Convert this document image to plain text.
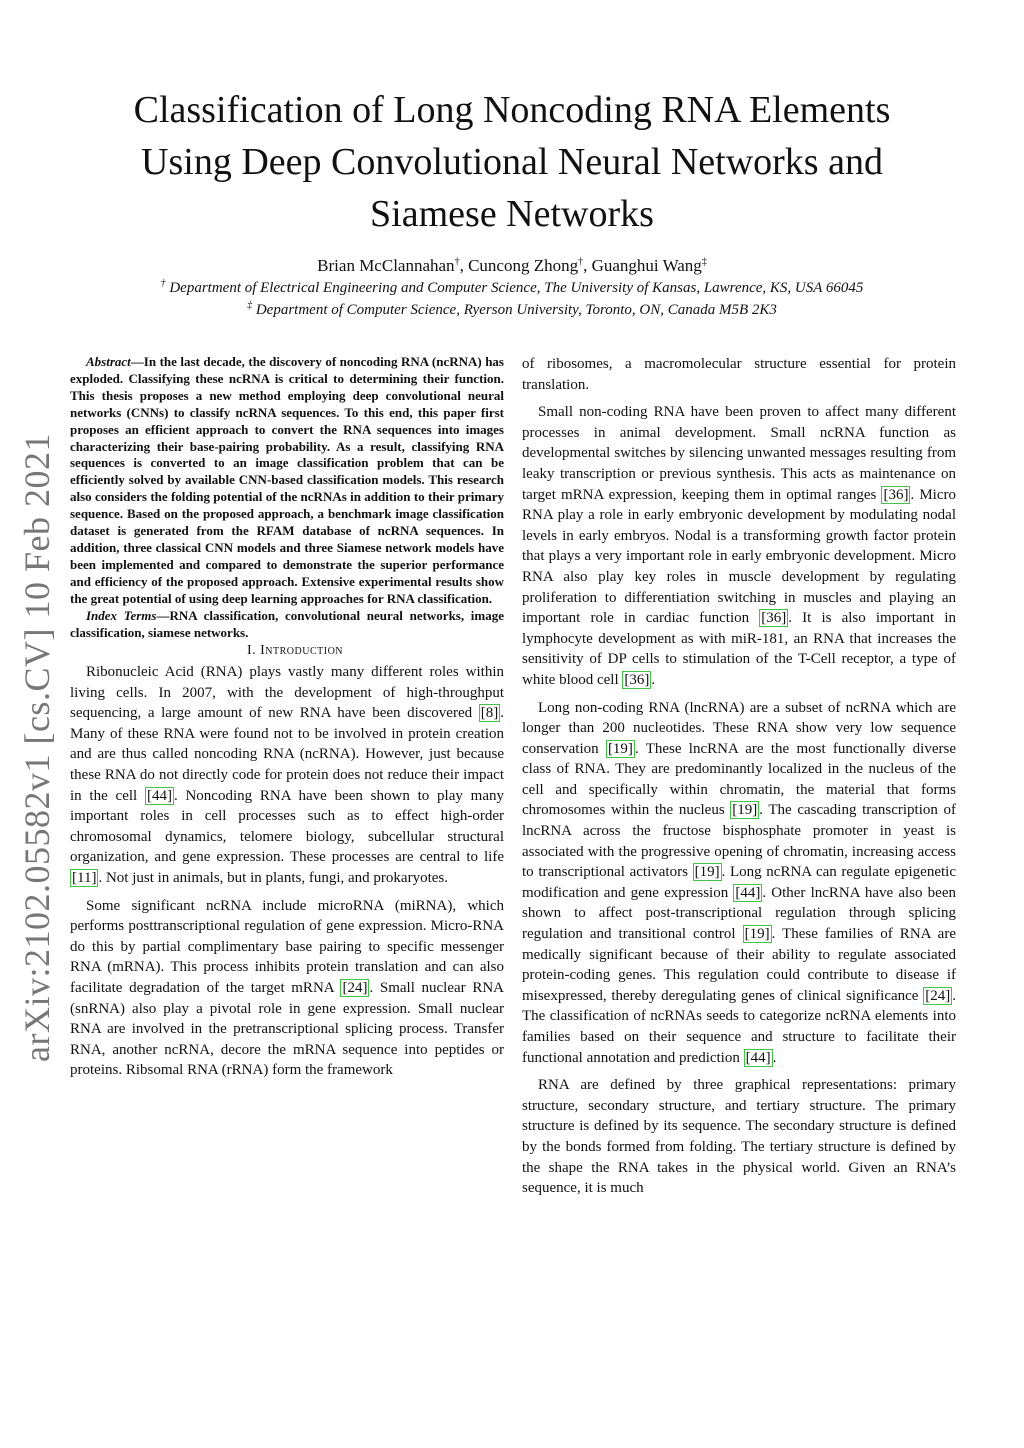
Classification of Long Noncoding RNA Elements
Using Deep Convolutional Neural Networks and
Siamese Networks
Brian McClannahan†, Cuncong Zhong†, Guanghui Wang‡
† Department of Electrical Engineering and Computer Science, The University of Kansas, Lawrence, KS, USA 66045
‡ Department of Computer Science, Ryerson University, Toronto, ON, Canada M5B 2K3
arXiv:2102.05582v1 [cs.CV] 10 Feb 2021

Abstract—In the last decade, the discovery of noncoding RNA (ncRNA) has exploded. Classifying these ncRNA is critical to determining their function. This thesis proposes a new method employing deep convolutional neural networks (CNNs) to classify ncRNA sequences. To this end, this paper first proposes an efficient approach to convert the RNA sequences into images characterizing their base-pairing probability. As a result, classifying RNA sequences is converted to an image classification problem that can be efficiently solved by available CNN-based classification models. This research also considers the folding potential of the ncRNAs in addition to their primary sequence. Based on the proposed approach, a benchmark image classification dataset is generated from the RFAM database of ncRNA sequences. In addition, three classical CNN models and three Siamese network models have been implemented and compared to demonstrate the superior performance and efficiency of the proposed approach. Extensive experimental results show the great potential of using deep learning approaches for RNA classification.

Index Terms—RNA classification, convolutional neural networks, image classification, siamese networks.

I. Introduction

Ribonucleic Acid (RNA) plays vastly many different roles within living cells. In 2007, with the development of high-throughput sequencing, a large amount of new RNA have been discovered [8] . Many of these RNA were found not to be involved in protein creation and are thus called noncoding RNA (ncRNA). However, just because these RNA do not directly code for protein does not reduce their impact in the cell [44] . Noncoding RNA have been shown to play many important roles in cell processes such as to effect high-order chromosomal dynamics, telomere biology, subcellular structural organization, and gene expression. These processes are central to life [11] . Not just in animals, but in plants, fungi, and prokaryotes.

Some significant ncRNA include microRNA (miRNA), which performs posttranscriptional regulation of gene expression. Micro-RNA do this by partial complimentary base pairing to specific messenger RNA (mRNA). This process inhibits protein translation and can also facilitate degradation of the target mRNA [24] . Small nuclear RNA (snRNA) also play a pivotal role in gene expression. Small nuclear RNA are involved in the pretranscriptional splicing process. Transfer RNA, another ncRNA, decore the mRNA sequence into peptides or proteins. Ribsomal RNA (rRNA) form the framework

of ribosomes, a macromolecular structure essential for protein translation.

Small non-coding RNA have been proven to affect many different processes in animal development. Small ncRNA function as developmental switches by silencing unwanted messages resulting from leaky transcription or previous synthesis. This acts as maintenance on target mRNA expression, keeping them in optimal ranges [36] . Micro RNA play a role in early embryonic development by modulating nodal levels in early embryos. Nodal is a transforming growth factor protein that plays a very important role in early embryonic development. Micro RNA also play key roles in muscle development by regulating proliferation to differentiation switching in muscles and playing an important role in cardiac function [36] . It is also important in lymphocyte development as with miR-181, an RNA that increases the sensitivity of DP cells to stimulation of the T-Cell receptor, a type of white blood cell [36] .

Long non-coding RNA (lncRNA) are a subset of ncRNA which are longer than 200 nucleotides. These RNA show very low sequence conservation [19] . These lncRNA are the most functionally diverse class of RNA. They are predominantly localized in the nucleus of the cell and specifically within chromatin, the material that forms chromosomes within the nucleus [19] . The cascading transcription of lncRNA across the fructose bisphosphate promoter in yeast is associated with the progressive opening of chromatin, increasing access to transcriptional activators [19] . Long ncRNA can regulate epigenetic modification and gene expression [44] . Other lncRNA have also been shown to affect post-transcriptional regulation through splicing regulation and transitional control [19] . These families of RNA are medically significant because of their ability to regulate associated protein-coding genes. This regulation could contribute to disease if misexpressed, thereby deregulating genes of clinical significance [24] . The classification of ncRNAs seeds to categorize ncRNA elements into families based on their sequence and structure to facilitate their functional annotation and prediction [44] .

RNA are defined by three graphical representations: primary structure, secondary structure, and tertiary structure. The primary structure is defined by its sequence. The secondary structure is defined by the bonds formed from folding. The tertiary structure is defined by the shape the RNA takes in the physical world. Given an RNA’s sequence, it is much
